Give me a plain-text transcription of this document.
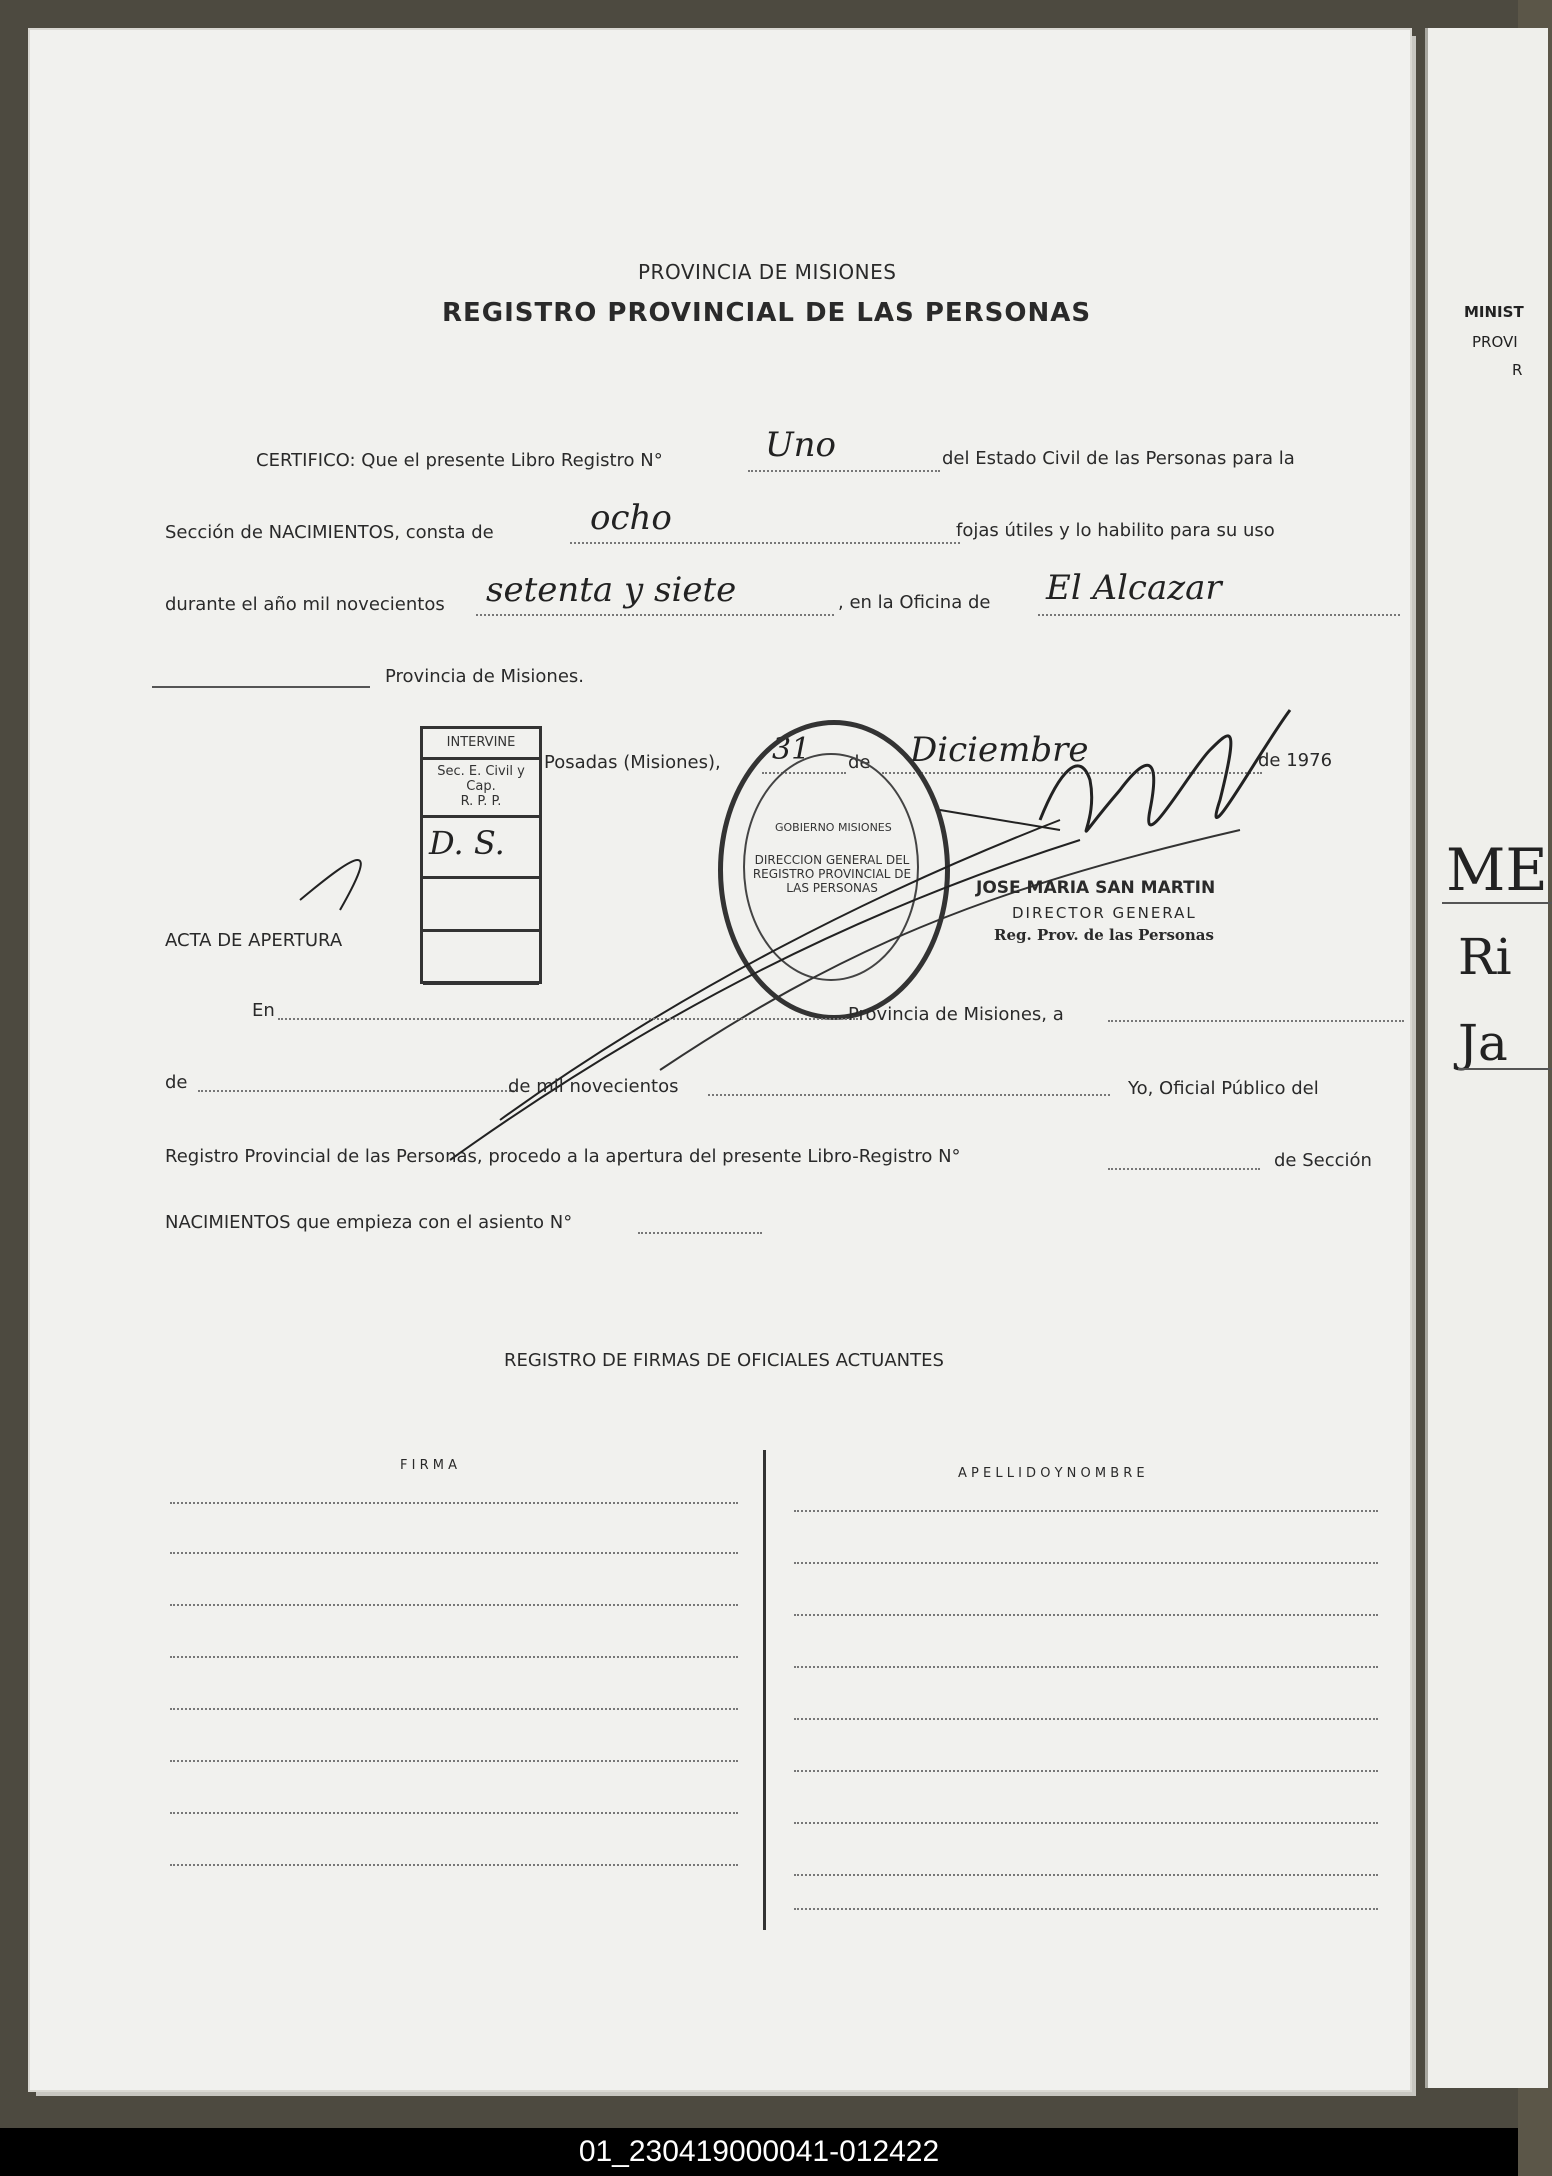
MINIST
PROVI
R
ME
Ri
Ja
PROVINCIA DE MISIONES
REGISTRO PROVINCIAL DE LAS PERSONAS
CERTIFICO: Que el presente Libro Registro N°	Uno	del Estado Civil de las Personas para la
Sección de NACIMIENTOS, consta de	ocho	fojas útiles y lo habilito para su uso
durante el año mil novecientos setenta y siete	, en la Oficina de El Alcazar
Provincia de Misiones.
INTERVINE
Sec. E. Civil y Cap.
R. P. P.
D. S.
Posadas (Misiones), 31 de Diciembre	de 1976
DIRECCION GENERAL DEL REGISTRO PROVINCIAL DE LAS PERSONAS
GOBIERNO MISIONES
JOSE MARIA SAN MARTIN
DIRECTOR GENERAL
Reg. Prov. de las Personas
ACTA DE APERTURA
En	Provincia de Misiones, a
de	de mil novecientos	Yo, Oficial Público del
Registro Provincial de las Personas, procedo a la apertura del presente Libro-Registro N°	de Sección
NACIMIENTOS que empieza con el asiento N°
REGISTRO DE FIRMAS DE OFICIALES ACTUANTES
F I R M A
A P E L L I D O Y N O M B R E
01_230419000041-012422
